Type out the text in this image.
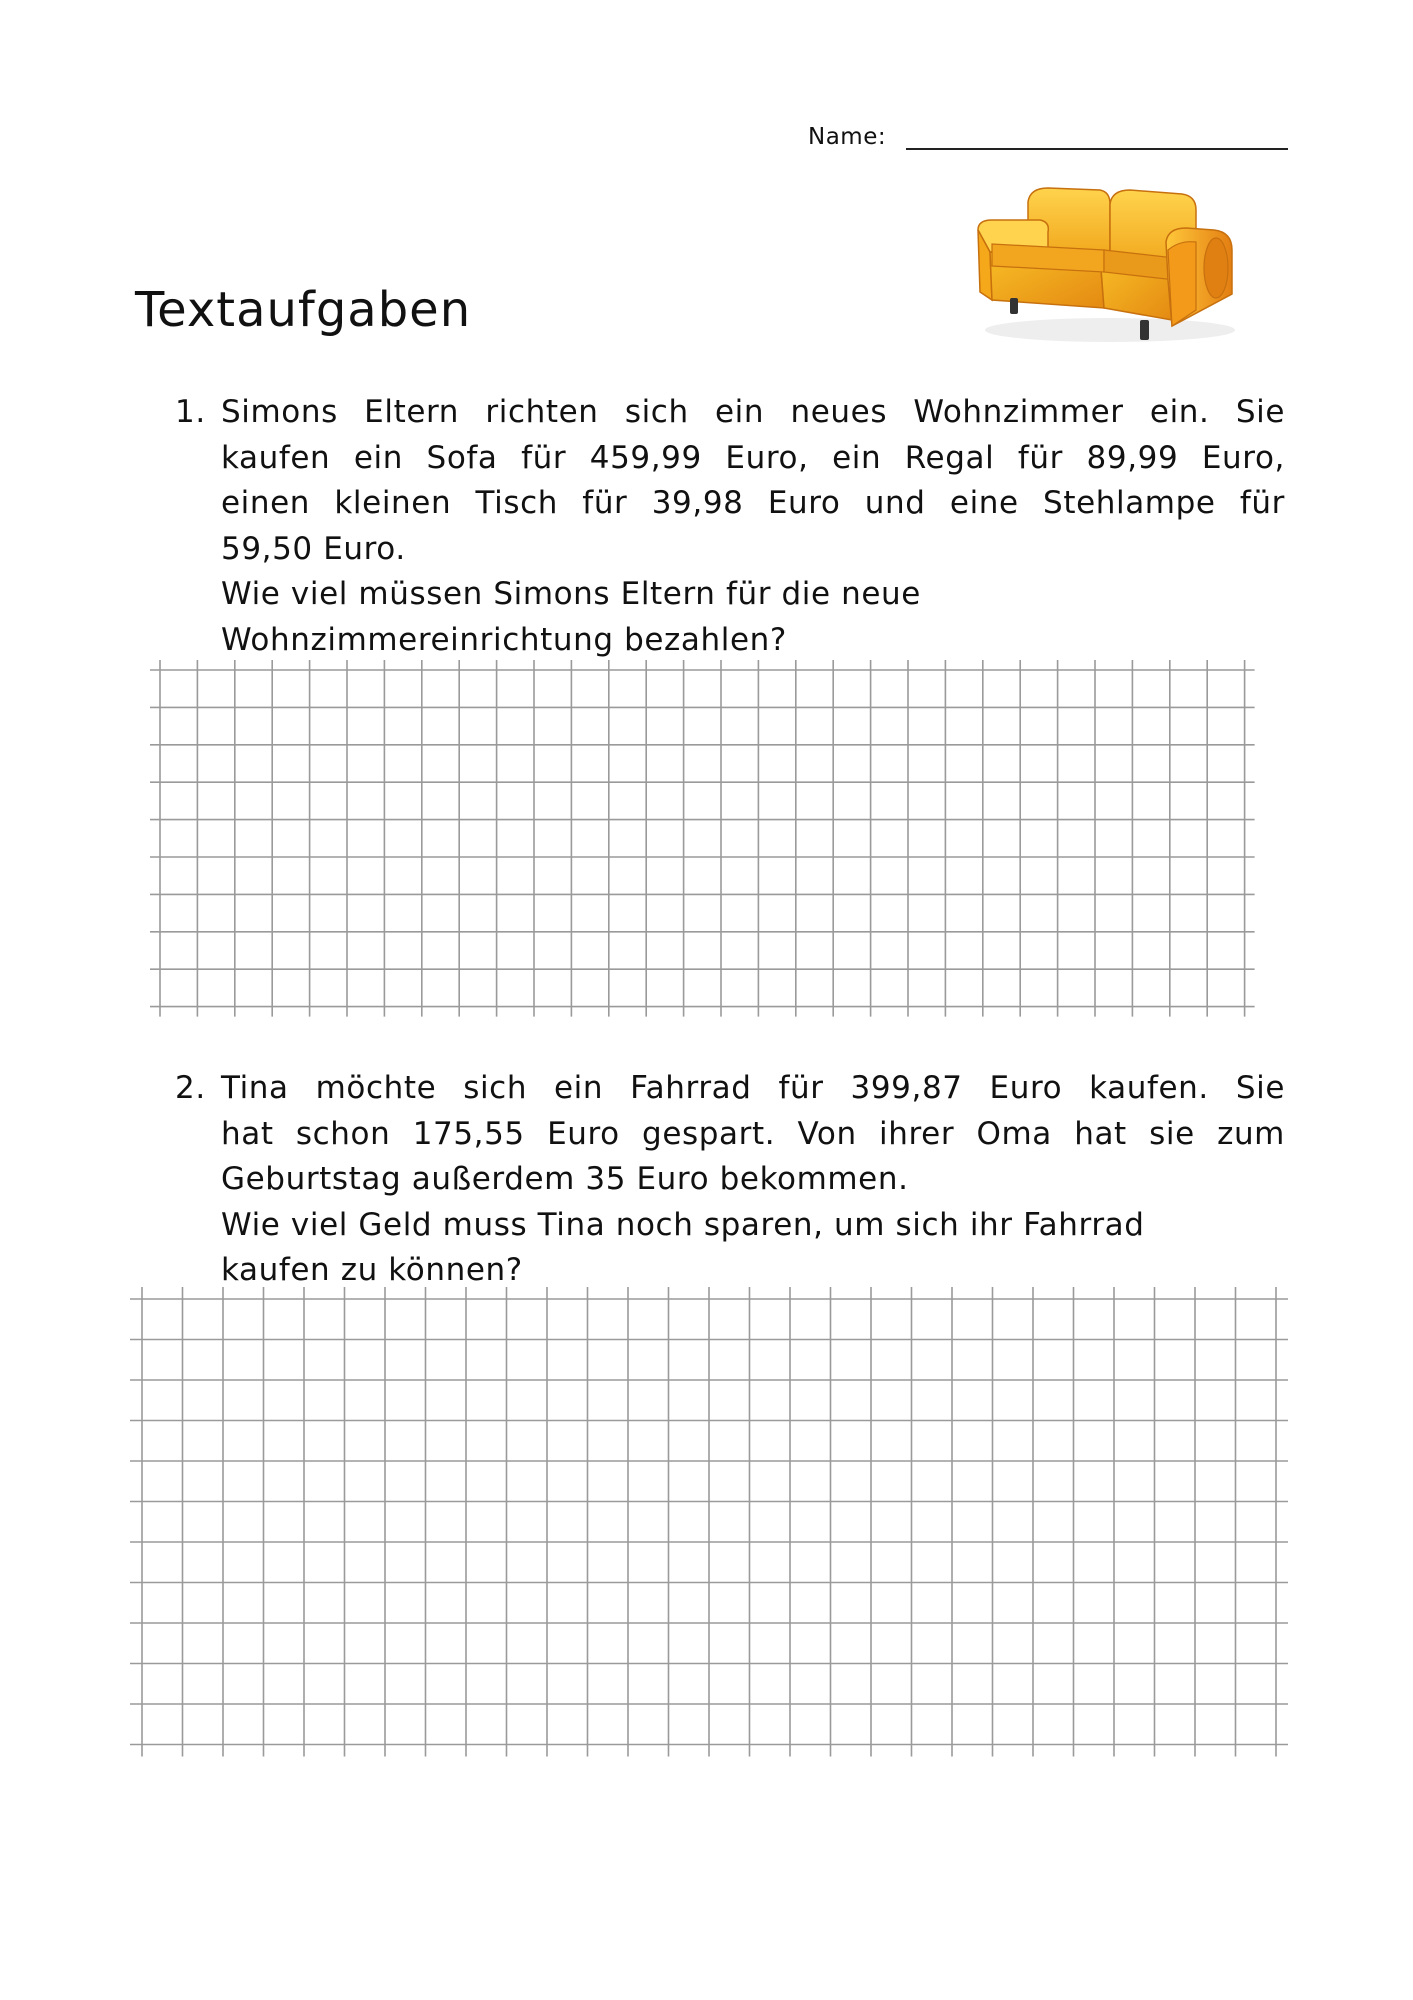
Name:
Textaufgaben
1. Simons Eltern richten sich ein neues Wohnzimmer ein. Sie
kaufen ein Sofa für 459,99 Euro, ein Regal für 89,99 Euro,
einen kleinen Tisch für 39,98 Euro und eine Stehlampe für
59,50 Euro.
Wie viel müssen Simons Eltern für die neue
Wohnzimmereinrichtung bezahlen?
2. Tina möchte sich ein Fahrrad für 399,87 Euro kaufen. Sie
hat schon 175,55 Euro gespart. Von ihrer Oma hat sie zum
Geburtstag außerdem 35 Euro bekommen.
Wie viel Geld muss Tina noch sparen, um sich ihr Fahrrad
kaufen zu können?
